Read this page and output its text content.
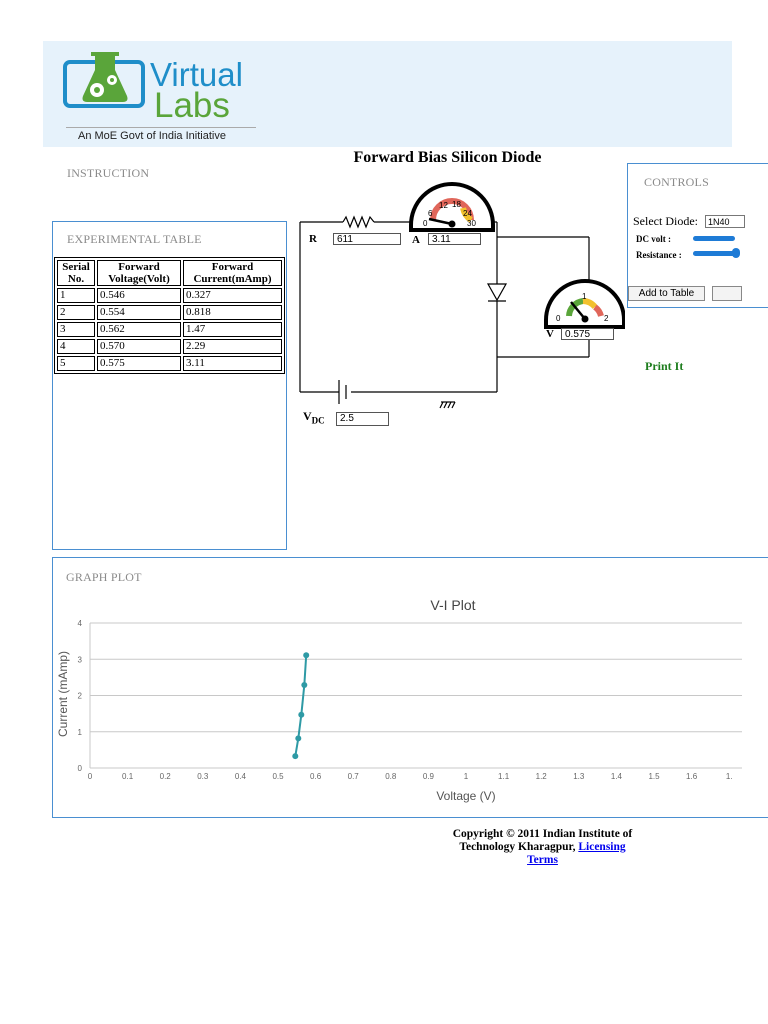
Virtual
Labs
An MoE Govt of India Initiative
Forward Bias Silicon Diode
INSTRUCTION
EXPERIMENTAL TABLE
Serial No.	Forward Voltage(Volt)	Forward Current(mAmp)
1	0.546	0.327
2	0.554	0.818
3	0.562	1.47
4	0.570	2.29
5	0.575	3.11
0
6
12 18
24
30
0
1
2
R	611	A	3.11
V	0.575
$V_{DC}$	2.5
CONTROLS
Select Diode:	1N40
DC volt :
Resistance :
Add to Table
Print It
GRAPH PLOT
V-I Plot
Voltage (V)
Current (mAmp)
0	0.1	0.2	0.3	0.4	0.5	0.6	0.7	0.8	0.9	1	1.1	1.2	1.3	1.4	1.5	1.6	1.
0
1
2
3
4
Copyright © 2011 Indian Institute of
Technology Kharagpur, Licensing
Terms
